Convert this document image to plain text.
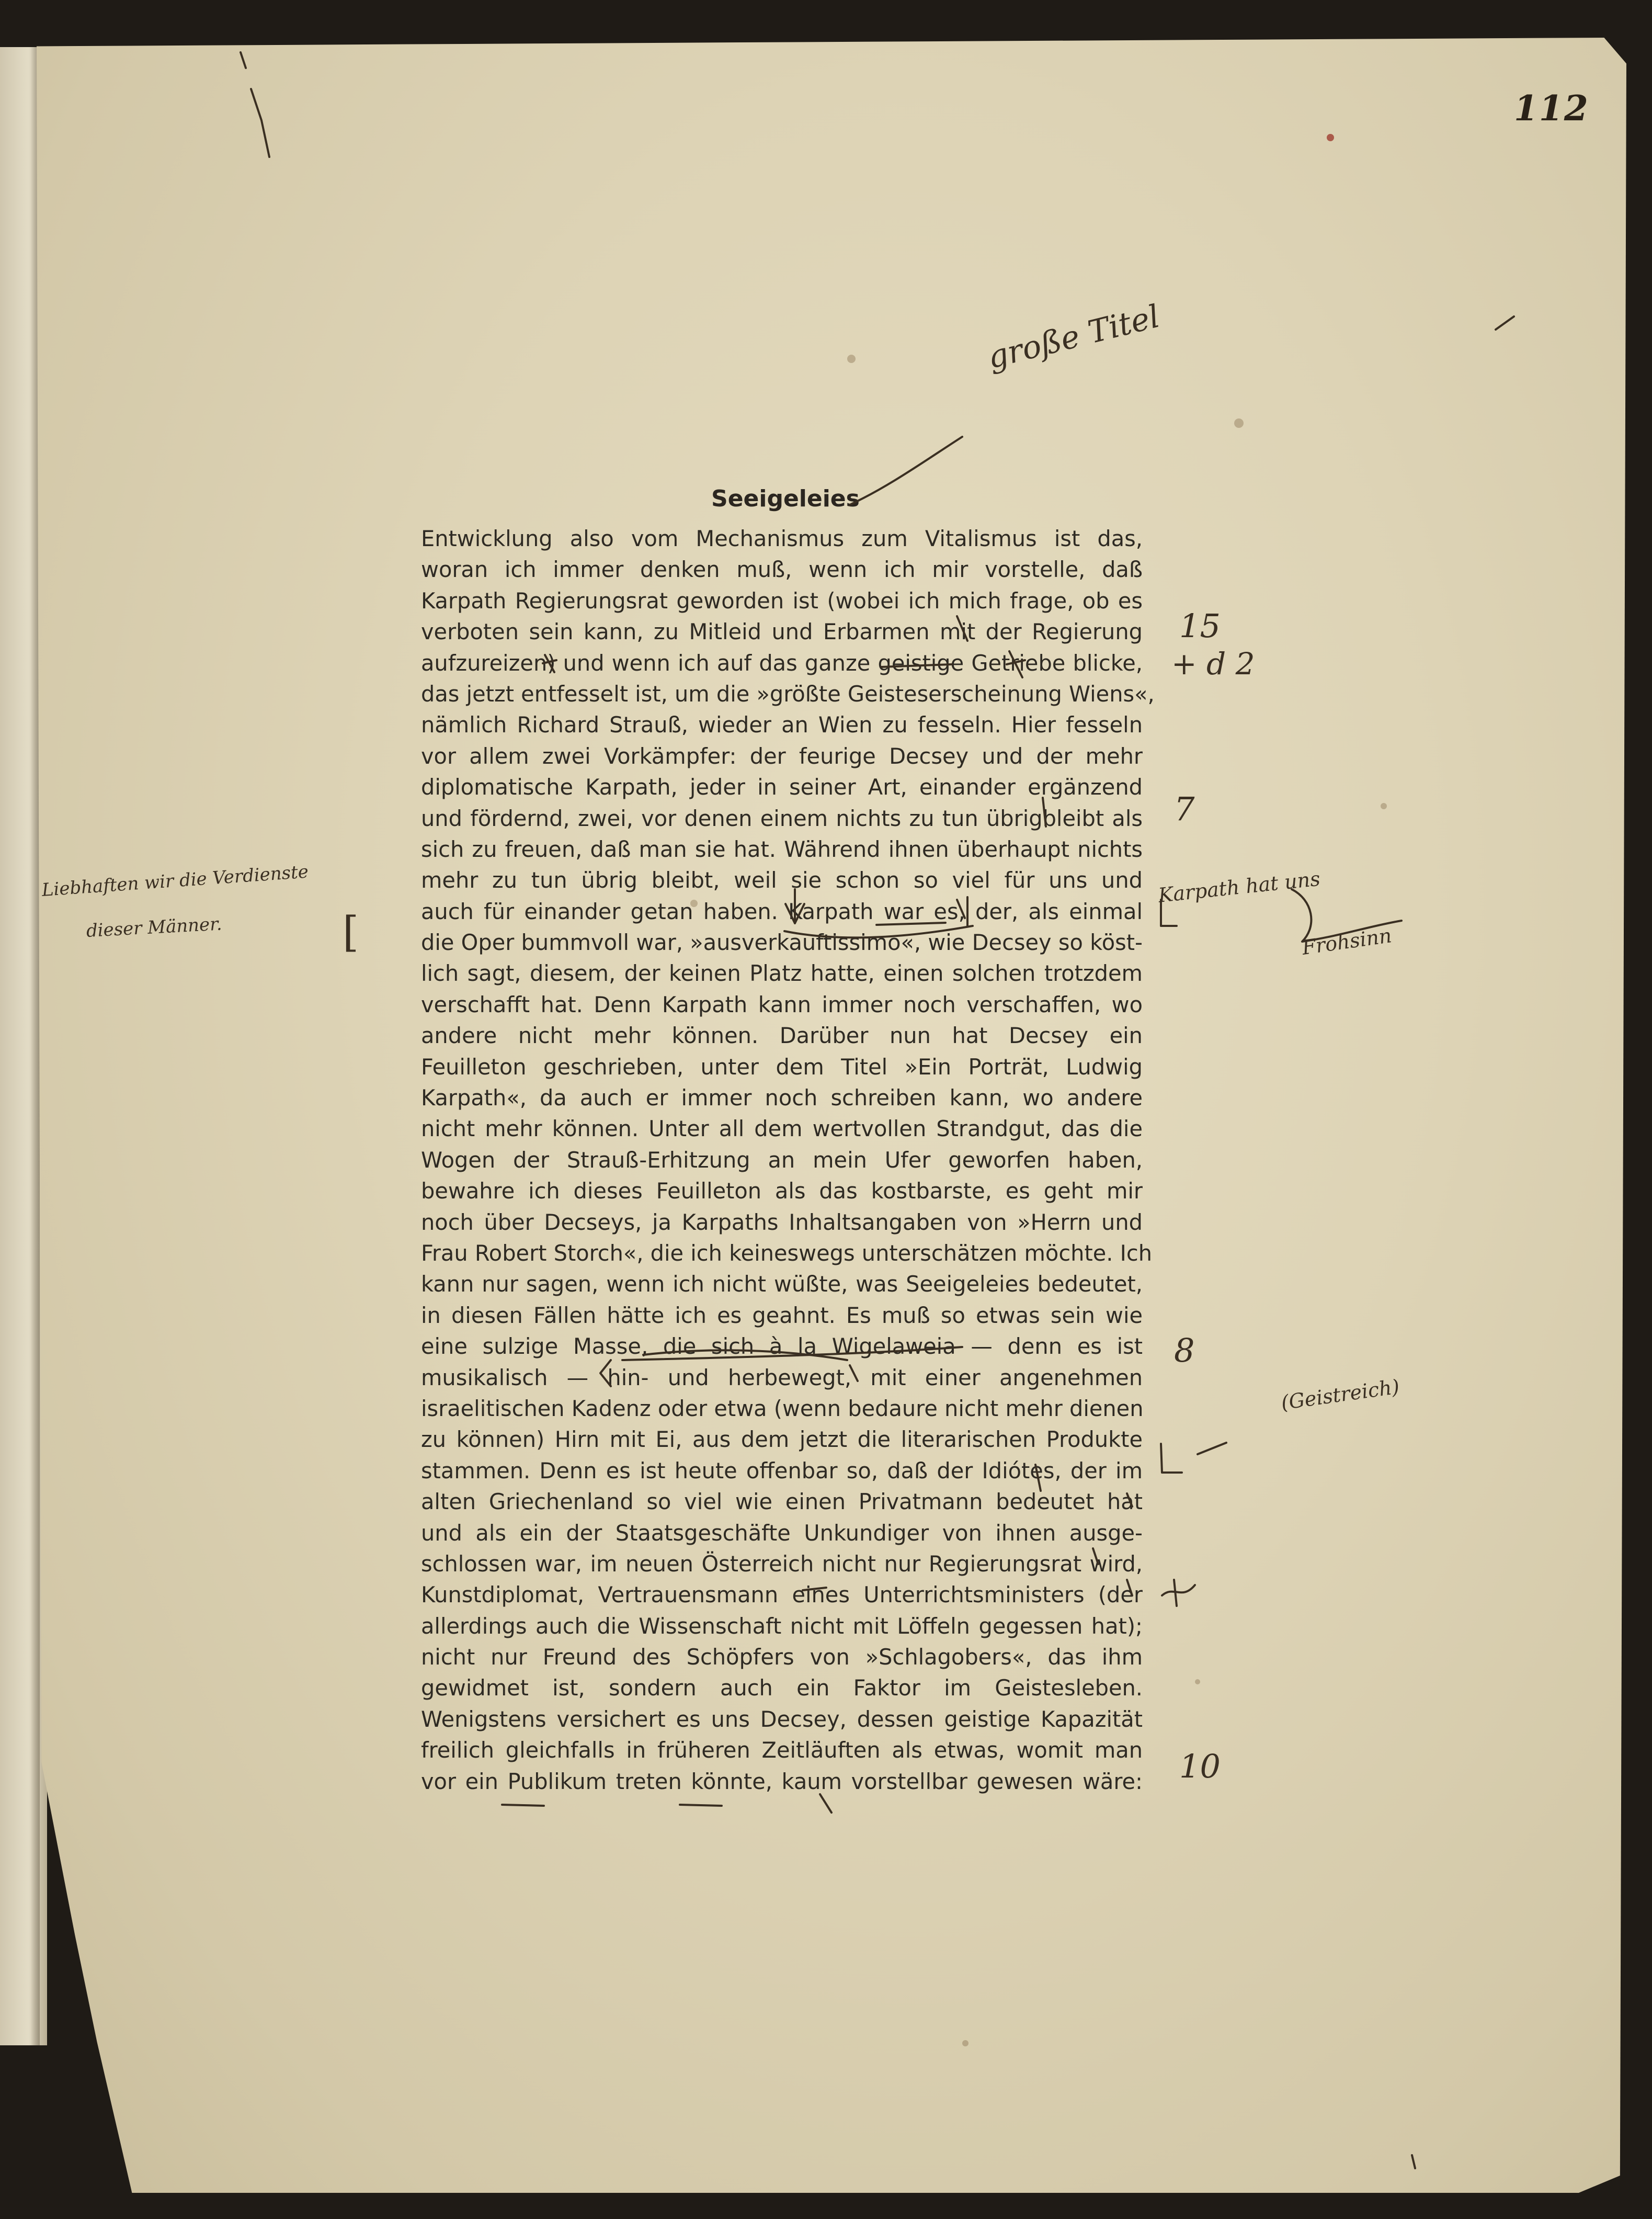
112
Seeigeleies
Entwicklung also vom Mechanismus zum Vitalismus ist das,
woran ich immer denken muß, wenn ich mir vorstelle, daß
Karpath Regierungsrat geworden ist (wobei ich mich frage, ob es
verboten sein kann, zu Mitleid und Erbarmen mit der Regierung
aufzureizen) und wenn ich auf das ganze geistige Getriebe blicke,
das jetzt entfesselt ist, um die »größte Geisteserscheinung Wiens«,
nämlich Richard Strauß, wieder an Wien zu fesseln. Hier fesseln
vor allem zwei Vorkämpfer: der feurige Decsey und der mehr
diplomatische Karpath, jeder in seiner Art, einander ergänzend
und fördernd, zwei, vor denen einem nichts zu tun übrigbleibt als
sich zu freuen, daß man sie hat. Während ihnen überhaupt nichts
mehr zu tun übrig bleibt, weil sie schon so viel für uns und
auch für einander getan haben. Karpath war es, der, als einmal
die Oper bummvoll war, »ausverkauftissimo«, wie Decsey so köst-
lich sagt, diesem, der keinen Platz hatte, einen solchen trotzdem
verschafft hat. Denn Karpath kann immer noch verschaffen, wo
andere nicht mehr können. Darüber nun hat Decsey ein
Feuilleton geschrieben, unter dem Titel »Ein Porträt, Ludwig
Karpath«, da auch er immer noch schreiben kann, wo andere
nicht mehr können. Unter all dem wertvollen Strandgut, das die
Wogen der Strauß-Erhitzung an mein Ufer geworfen haben,
bewahre ich dieses Feuilleton als das kostbarste, es geht mir
noch über Decseys, ja Karpaths Inhaltsangaben von »Herrn und
Frau Robert Storch«, die ich keineswegs unterschätzen möchte. Ich
kann nur sagen, wenn ich nicht wüßte, was Seeigeleies bedeutet,
in diesen Fällen hätte ich es geahnt. Es muß so etwas sein wie
eine sulzige Masse, die sich à la Wigelaweia — denn es ist
musikalisch — hin- und herbewegt, mit einer angenehmen
israelitischen Kadenz oder etwa (wenn bedaure nicht mehr dienen
zu können) Hirn mit Ei, aus dem jetzt die literarischen Produkte
stammen. Denn es ist heute offenbar so, daß der Idiótes, der im
alten Griechenland so viel wie einen Privatmann bedeutet hat
und als ein der Staatsgeschäfte Unkundiger von ihnen ausge-
schlossen war, im neuen Österreich nicht nur Regierungsrat wird,
Kunstdiplomat, Vertrauensmann eines Unterrichtsministers (der
allerdings auch die Wissenschaft nicht mit Löffeln gegessen hat);
nicht nur Freund des Schöpfers von »Schlagobers«, das ihm
gewidmet ist, sondern auch ein Faktor im Geistesleben.
Wenigstens versichert es uns Decsey, dessen geistige Kapazität
freilich gleichfalls in früheren Zeitläuften als etwas, womit man
vor ein Publikum treten könnte, kaum vorstellbar gewesen wäre:
große Titel
Liebhaften wir die Verdienste
dieser Männer.	[
15
+ d 2
7
Karpath hat uns
Frohsinn
8
(Geistreich)
10
